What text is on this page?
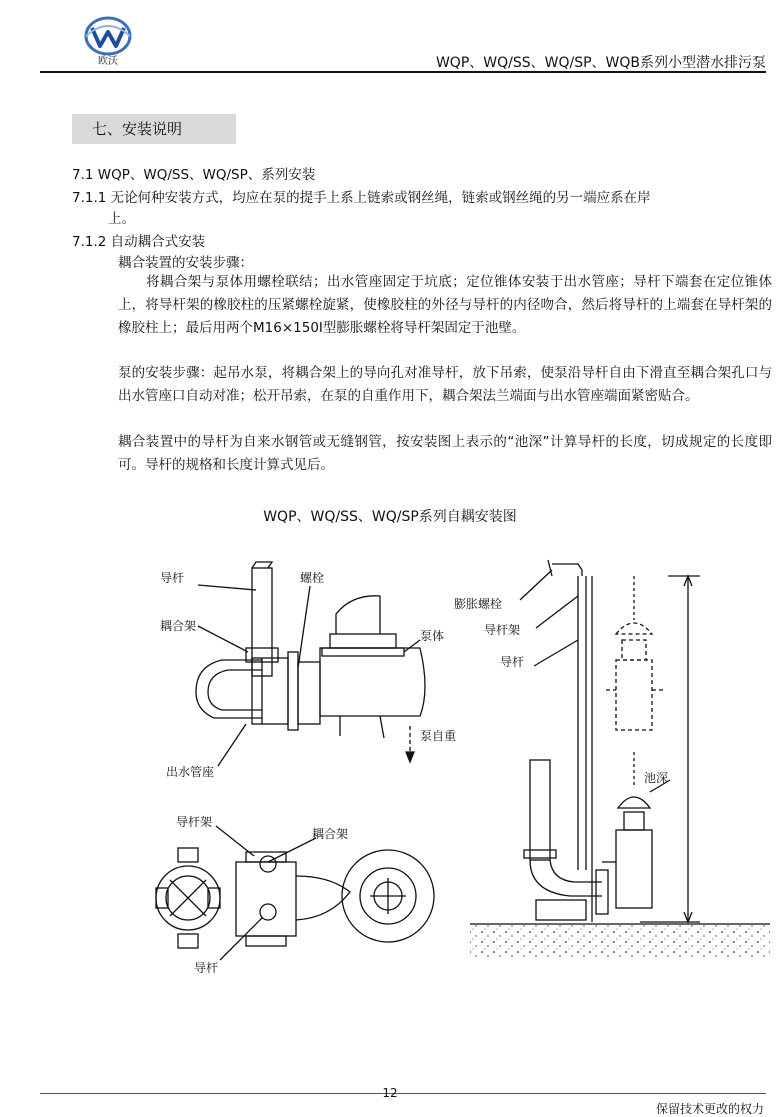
欧沃	WQP、WQ/SS、WQ/SP、WQB系列小型潜水排污泵
七、安装说明
7.1 WQP、WQ/SS、WQ/SP、系列安装
7.1.1 无论何种安装方式，均应在泵的提手上系上链索或钢丝绳，链索或钢丝绳的另一端应系在岸
上。
7.1.2 自动耦合式安装
耦合装置的安装步骤：
将耦合架与泵体用螺栓联结；出水管座固定于坑底；定位锥体安装于出水管座；导杆下端套在定位锥体上，将导杆架的橡胶柱的压紧螺栓旋紧，使橡胶柱的外径与导杆的内径吻合，然后将导杆的上端套在导杆架的橡胶柱上；最后用两个M16×150Ⅰ型膨胀螺栓将导杆架固定于池壁。
泵的安装步骤：起吊水泵，将耦合架上的导向孔对准导杆，放下吊索，使泵沿导杆自由下滑直至耦合架孔口与出水管座口自动对准；松开吊索，在泵的自重作用下，耦合架法兰端面与出水管座端面紧密贴合。
耦合装置中的导杆为自来水钢管或无缝钢管，按安装图上表示的“池深”计算导杆的长度，切成规定的长度即可。导杆的规格和长度计算式见后。
WQP、WQ/SS、WQ/SP系列自耦安装图
导杆	螺栓
耦合架
泵体
泵自重
出水管座
导杆架
耦合架
导杆
膨胀螺栓
导杆架
导杆
池深
12
保留技术更改的权力
